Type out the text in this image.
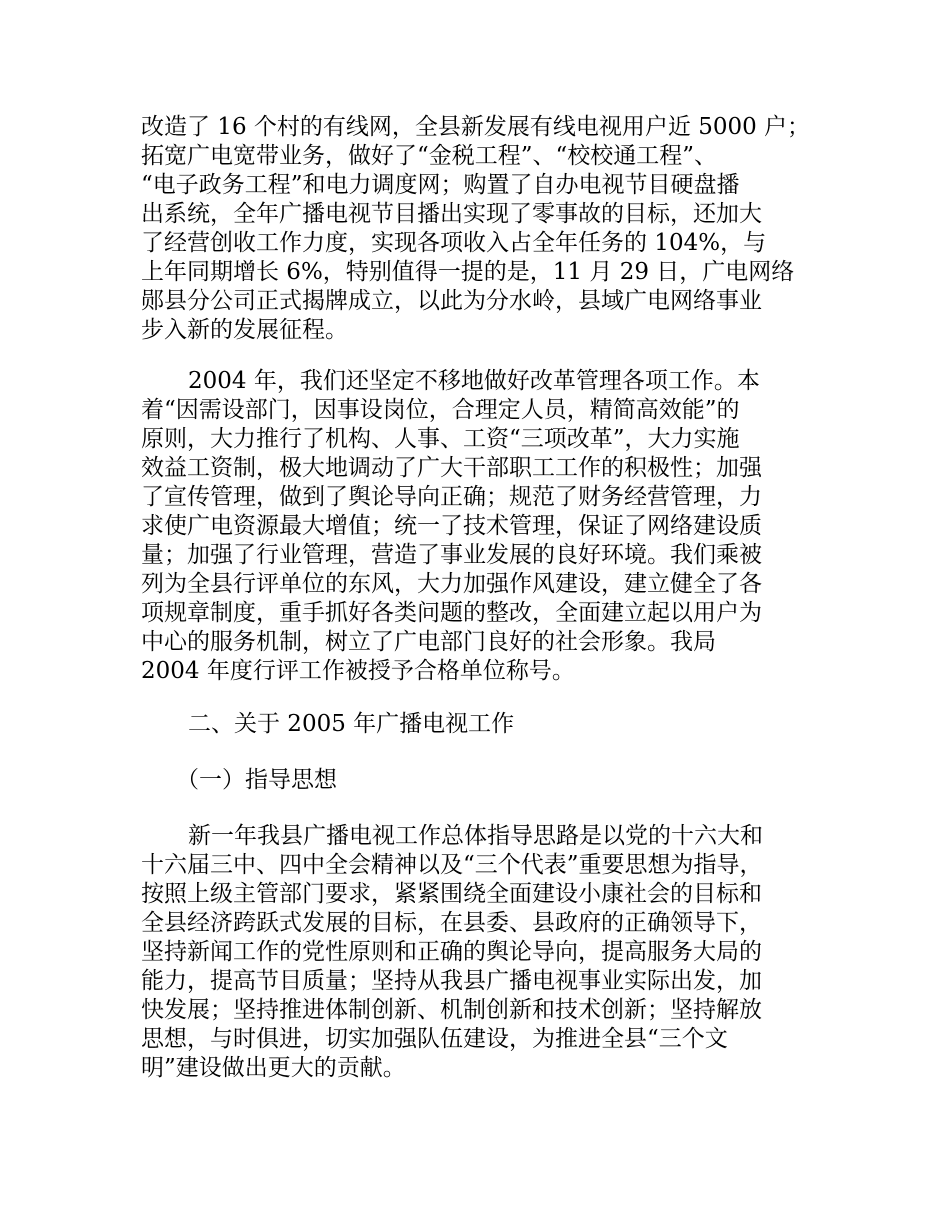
改造了 16 个村的有线网，全县新发展有线电视用户近 5000 户；
拓宽广电宽带业务，做好了“金税工程”、“校校通工程”、
“电子政务工程”和电力调度网；购置了自办电视节目硬盘播
出系统，全年广播电视节目播出实现了零事故的目标，还加大
了经营创收工作力度，实现各项收入占全年任务的 104%，与
上年同期增长 6%，特别值得一提的是，11 月 29 日，广电网络
郧县分公司正式揭牌成立，以此为分水岭，县域广电网络事业
步入新的发展征程。
2004 年，我们还坚定不移地做好改革管理各项工作。本
着“因需设部门，因事设岗位，合理定人员，精简高效能”的
原则，大力推行了机构、人事、工资“三项改革”，大力实施
效益工资制，极大地调动了广大干部职工工作的积极性；加强
了宣传管理，做到了舆论导向正确；规范了财务经营管理，力
求使广电资源最大增值；统一了技术管理，保证了网络建设质
量；加强了行业管理，营造了事业发展的良好环境。我们乘被
列为全县行评单位的东风，大力加强作风建设，建立健全了各
项规章制度，重手抓好各类问题的整改，全面建立起以用户为
中心的服务机制，树立了广电部门良好的社会形象。我局
2004 年度行评工作被授予合格单位称号。
二、关于 2005 年广播电视工作
（一）指导思想
新一年我县广播电视工作总体指导思路是以党的十六大和
十六届三中、四中全会精神以及“三个代表”重要思想为指导，
按照上级主管部门要求，紧紧围绕全面建设小康社会的目标和
全县经济跨跃式发展的目标，在县委、县政府的正确领导下，
坚持新闻工作的党性原则和正确的舆论导向，提高服务大局的
能力，提高节目质量；坚持从我县广播电视事业实际出发，加
快发展；坚持推进体制创新、机制创新和技术创新；坚持解放
思想，与时俱进，切实加强队伍建设，为推进全县“三个文
明”建设做出更大的贡献。
